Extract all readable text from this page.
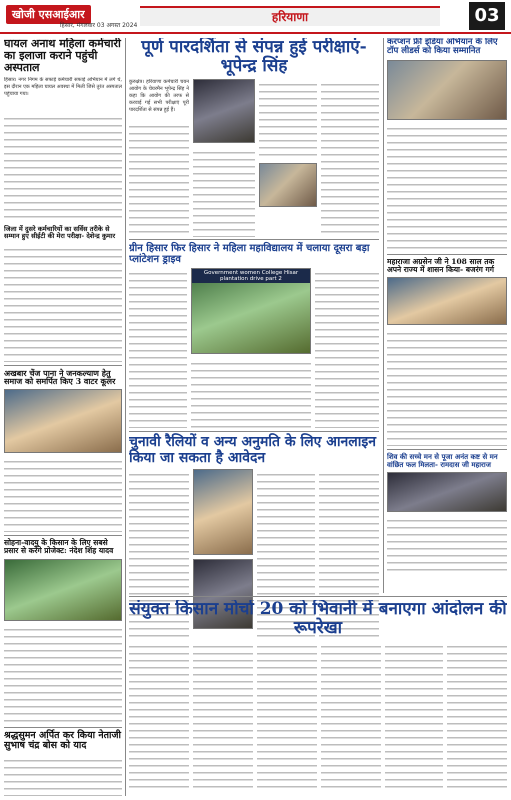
खोजी एसआईआर
हिसार, मंगलवार 03 अगस्त 2024
हरियाणा	03
घायल अनाथ महिला कर्मचारी का इलाजा कराने पहुंची अस्पताल
हिसार। नगर निगम के सफाई कर्मचारी सफाई अभियान में लगे थे, इस दौरान एक महिला घायल अवस्था में मिली जिसे तुरंत अस्पताल पहुंचाया गया।
जिला में दुसरे कर्मचारियों का सर्विस तरीके से सम्मान हुए सीईटी की मेरा परीक्षा- देशेन्द्र कुमार
अखबार चेंज पाना ने जनकल्याण हेतु समाज को समर्पित किए 3 वाटर कूलर
सोहना-वादयु के किसान के लिए सबसे प्रसार से करेंगे प्रोजेक्ट: नंदेश शिंह यादव
श्रद्धसुमन अर्पित कर किया नेताजी सुभाष चंद्र बोस को याद
पूर्ण पारदर्शिता से संपन्न हुई परीक्षाएं- भूपेन्द्र सिंह
कुरुक्षेत्र। हरियाणा कर्मचारी चयन आयोग के चेयरमैन भूपेन्द्र सिंह ने कहा कि आयोग की तरफ से करवाई गई सभी परीक्षाएं पूरी पारदर्शिता से संपन्न हुई हैं।
ग्रीन हिसार फिर हिसार ने महिला महाविद्यालय में चलाया दूसरा बड़ा प्लांटेशन ड्राइव
Government women College Hisar plantation drive part 2
चुनावी रैलियों व अन्य अनुमति के लिए आनलाइन किया जा सकता है आवेदन
करप्शन फ्री इंडिया अभियान के लिए टॉप लीडर्स को किया सम्मानित
महाराजा अग्रसेन जी ने 108 साल तक अपने राज्य में शासन किया- बजरंग गर्ग
शिव की सच्चे मन से पूजा अनंत कष्ट से मन वांछित फल मिलता- रामदास जी महाराज
संयुक्त किसान मोर्चा 20 को भिवानी में बनाएगा आंदोलन की रूपरेखा
